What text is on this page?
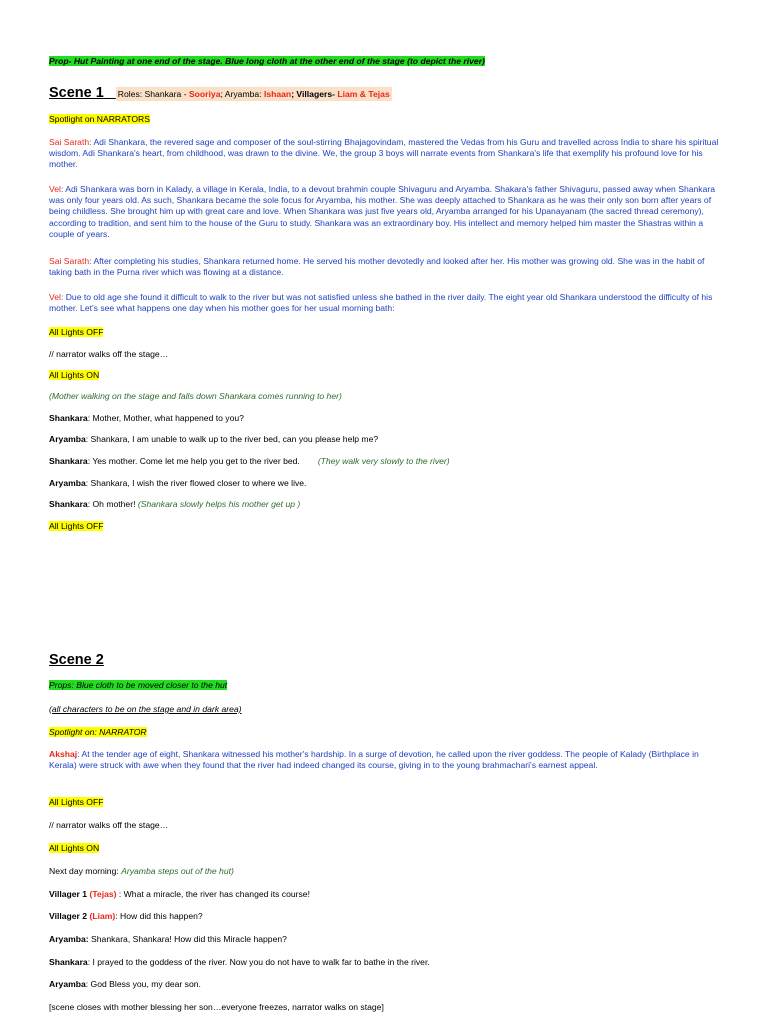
Prop- Hut Painting at one end of the stage. Blue long cloth at the other end of the stage (to depict the river)
Scene 1 Roles: Shankara - Sooriya; Aryamba: Ishaan; Villagers- Liam & Tejas
Spotlight on NARRATORS
Sai Sarath: Adi Shankara, the revered sage and composer of the soul-stirring Bhajagovindam, mastered the Vedas from his Guru and travelled across India to share his spiritual wisdom. Adi Shankara's heart, from childhood, was drawn to the divine. We, the group 3 boys will narrate events from Shankara's life that exemplify his profound love for his mother.
Vel: Adi Shankara was born in Kalady, a village in Kerala, India, to a devout brahmin couple Shivaguru and Aryamba. Shakara's father Shivaguru, passed away when Shankara was only four years old. As such, Shankara became the sole focus for Aryamba, his mother. She was deeply attached to Shankara as he was their only son born after years of being childless. She brought him up with great care and love. When Shankara was just five years old, Aryamba arranged for his Upanayanam (the sacred thread ceremony), according to tradition, and sent him to the house of the Guru to study. Shankara was an extraordinary boy. His intellect and memory helped him master the Shastras within a couple of years.
Sai Sarath: After completing his studies, Shankara returned home. He served his mother devotedly and looked after her. His mother was growing old. She was in the habit of taking bath in the Purna river which was flowing at a distance.
Vel: Due to old age she found it difficult to walk to the river but was not satisfied unless she bathed in the river daily. The eight year old Shankara understood the difficulty of his mother. Let's see what happens one day when his mother goes for her usual morning bath:
All Lights OFF
// narrator walks off the stage…
All Lights ON
(Mother walking on the stage and falls down Shankara comes running to her)
Shankara: Mother, Mother, what happened to you?
Aryamba: Shankara, I am unable to walk up to the river bed, can you please help me?
Shankara: Yes mother. Come let me help you get to the river bed. (They walk very slowly to the river)
Aryamba: Shankara, I wish the river flowed closer to where we live.
Shankara: Oh mother! (Shankara slowly helps his mother get up )
All Lights OFF
Scene 2
Props: Blue cloth to be moved closer to the hut
(all characters to be on the stage and in dark area)
Spotlight on: NARRATOR
Akshaj: At the tender age of eight, Shankara witnessed his mother's hardship. In a surge of devotion, he called upon the river goddess. The people of Kalady (Birthplace in Kerala) were struck with awe when they found that the river had indeed changed its course, giving in to the young brahmachari's earnest appeal.
All Lights OFF
// narrator walks off the stage…
All Lights ON
Next day morning: Aryamba steps out of the hut)
Villager 1 (Tejas) : What a miracle, the river has changed its course!
Villager 2 (Liam): How did this happen?
Aryamba: Shankara, Shankara! How did this Miracle happen?
Shankara: I prayed to the goddess of the river. Now you do not have to walk far to bathe in the river.
Aryamba: God Bless you, my dear son.
[scene closes with mother blessing her son…everyone freezes, narrator walks on stage]
